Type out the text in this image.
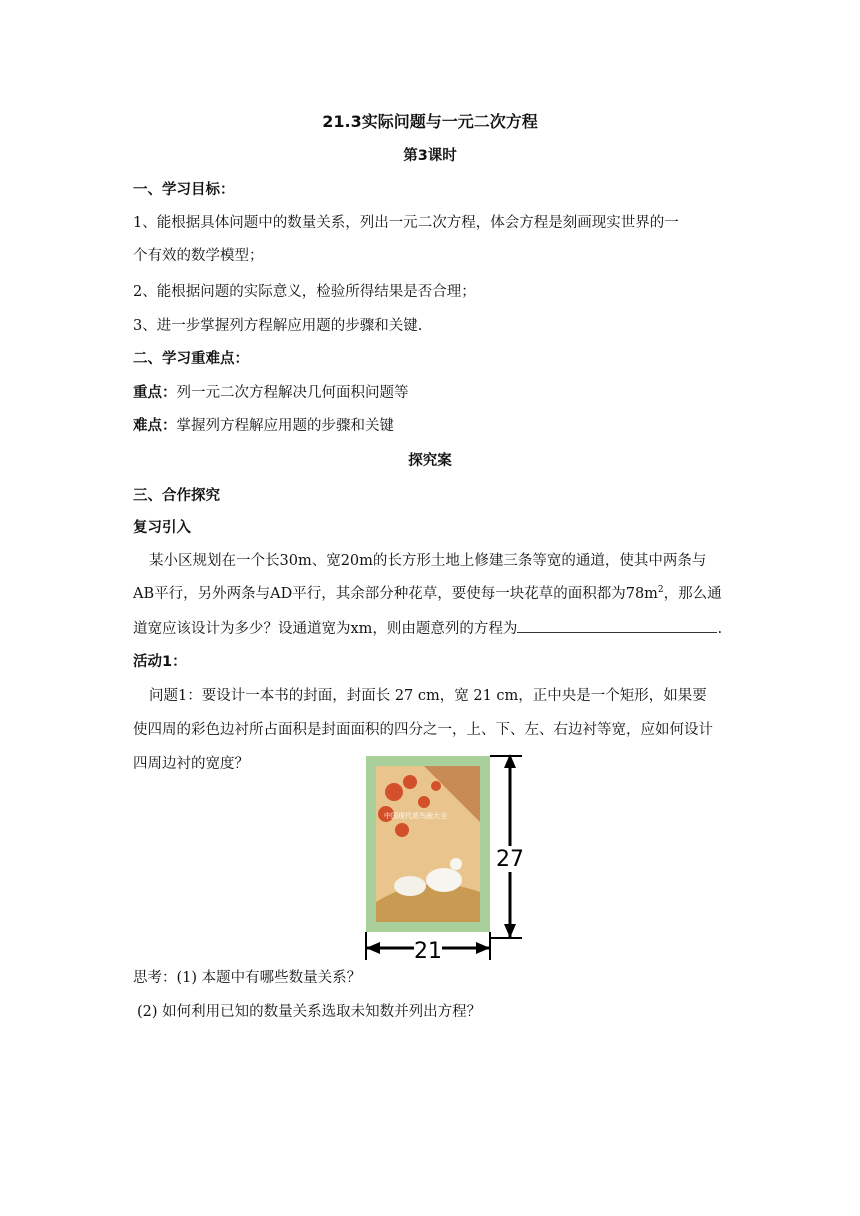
21.3实际问题与一元二次方程
第3课时
一、学习目标：
1、能根据具体问题中的数量关系，列出一元二次方程，体会方程是刻画现实世界的一
个有效的数学模型；
2、能根据问题的实际意义，检验所得结果是否合理；
3、进一步掌握列方程解应用题的步骤和关键.
二、学习重难点：
重点：列一元二次方程解决几何面积问题等
难点：掌握列方程解应用题的步骤和关键
探究案
三、合作探究
复习引入
某小区规划在一个长30m、宽20m的长方形土地上修建三条等宽的通道，使其中两条与
AB平行，另外两条与AD平行，其余部分种花草，要使每一块花草的面积都为$78m^2$，那么通
道宽应该设计为多少？设通道宽为xm，则由题意列的方程为	.
活动1：
问题1：要设计一本书的封面，封面长 27 cm，宽 21 cm，正中央是一个矩形，如果要
使四周的彩色边衬所占面积是封面面积的四分之一，上、下、左、右边衬等宽，应如何设计
四周边衬的宽度？
中国现代花鸟画大全
27
21
思考：(1) 本题中有哪些数量关系？
(2) 如何利用已知的数量关系选取未知数并列出方程？
